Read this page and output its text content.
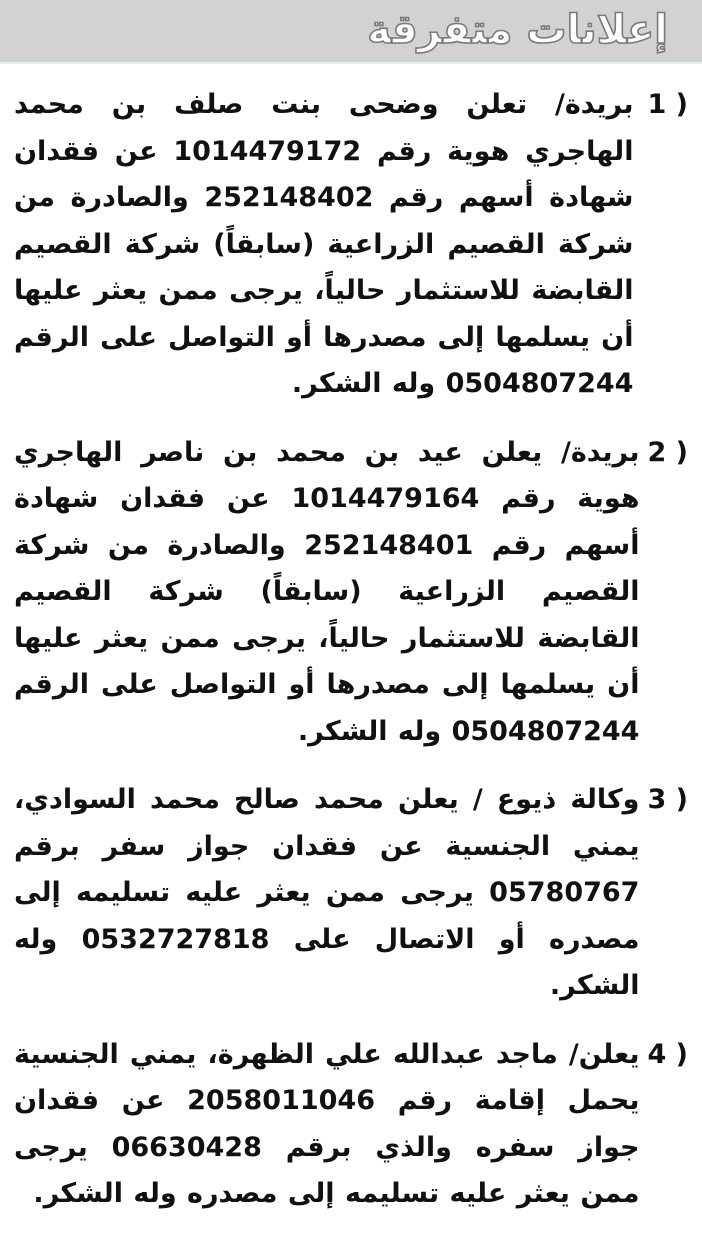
إعلانات متفرقة
1 )
بريدة/ تعلن وضحى بنت صلف بن محمد الهاجري هوية رقم 1014479172 عن فقدان شهادة أسهم رقم 252148402 والصادرة من شركة القصيم الزراعية (سابقاً) شركة القصيم القابضة للاستثمار حالياً، يرجى ممن يعثر عليها أن يسلمها إلى مصدرها أو التواصل على الرقم 0504807244 وله الشكر.
2 )
بريدة/ يعلن عيد بن محمد بن ناصر الهاجري هوية رقم 1014479164 عن فقدان شهادة أسهم رقم 252148401 والصادرة من شركة القصيم الزراعية (سابقاً) شركة القصيم القابضة للاستثمار حالياً، يرجى ممن يعثر عليها أن يسلمها إلى مصدرها أو التواصل على الرقم 0504807244 وله الشكر.
3 )
وكالة ذيوع / يعلن محمد صالح محمد السوادي، يمني الجنسية عن فقدان جواز سفر برقم 05780767 يرجى ممن يعثر عليه تسليمه إلى مصدره أو الاتصال على 0532727818 وله الشكر.
4 )
يعلن/ ماجد عبدالله علي الظهرة، يمني الجنسية يحمل إقامة رقم 2058011046 عن فقدان جواز سفره والذي برقم 06630428 يرجى ممن يعثر عليه تسليمه إلى مصدره وله الشكر.
